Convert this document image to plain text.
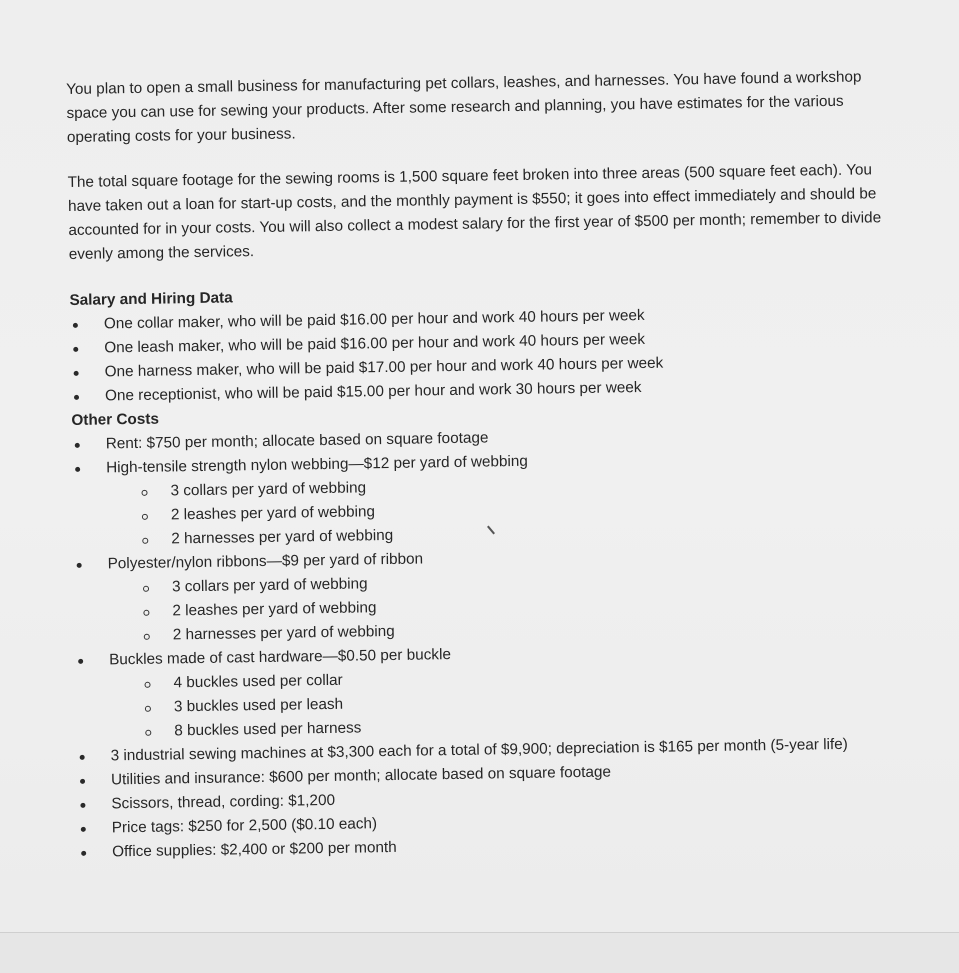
You plan to open a small business for manufacturing pet collars, leashes, and harnesses. You have found a workshop space you can use for sewing your products. After some research and planning, you have estimates for the various operating costs for your business.

The total square footage for the sewing rooms is 1,500 square feet broken into three areas (500 square feet each). You have taken out a loan for start-up costs, and the monthly payment is $550; it goes into effect immediately and should be accounted for in your costs. You will also collect a modest salary for the first year of $500 per month; remember to divide evenly among the services.

Salary and Hiring Data

One collar maker, who will be paid $16.00 per hour and work 40 hours per week
One leash maker, who will be paid $16.00 per hour and work 40 hours per week
One harness maker, who will be paid $17.00 per hour and work 40 hours per week
One receptionist, who will be paid $15.00 per hour and work 30 hours per week

Other Costs

Rent: $750 per month; allocate based on square footage
High-tensile strength nylon webbing—$12 per yard of webbing
3 collars per yard of webbing
2 leashes per yard of webbing
2 harnesses per yard of webbing
Polyester/nylon ribbons—$9 per yard of ribbon
3 collars per yard of webbing
2 leashes per yard of webbing
2 harnesses per yard of webbing
Buckles made of cast hardware—$0.50 per buckle
4 buckles used per collar
3 buckles used per leash
8 buckles used per harness
3 industrial sewing machines at $3,300 each for a total of $9,900; depreciation is $165 per month (5-year life)
Utilities and insurance: $600 per month; allocate based on square footage
Scissors, thread, cording: $1,200
Price tags: $250 for 2,500 ($0.10 each)
Office supplies: $2,400 or $200 per month
